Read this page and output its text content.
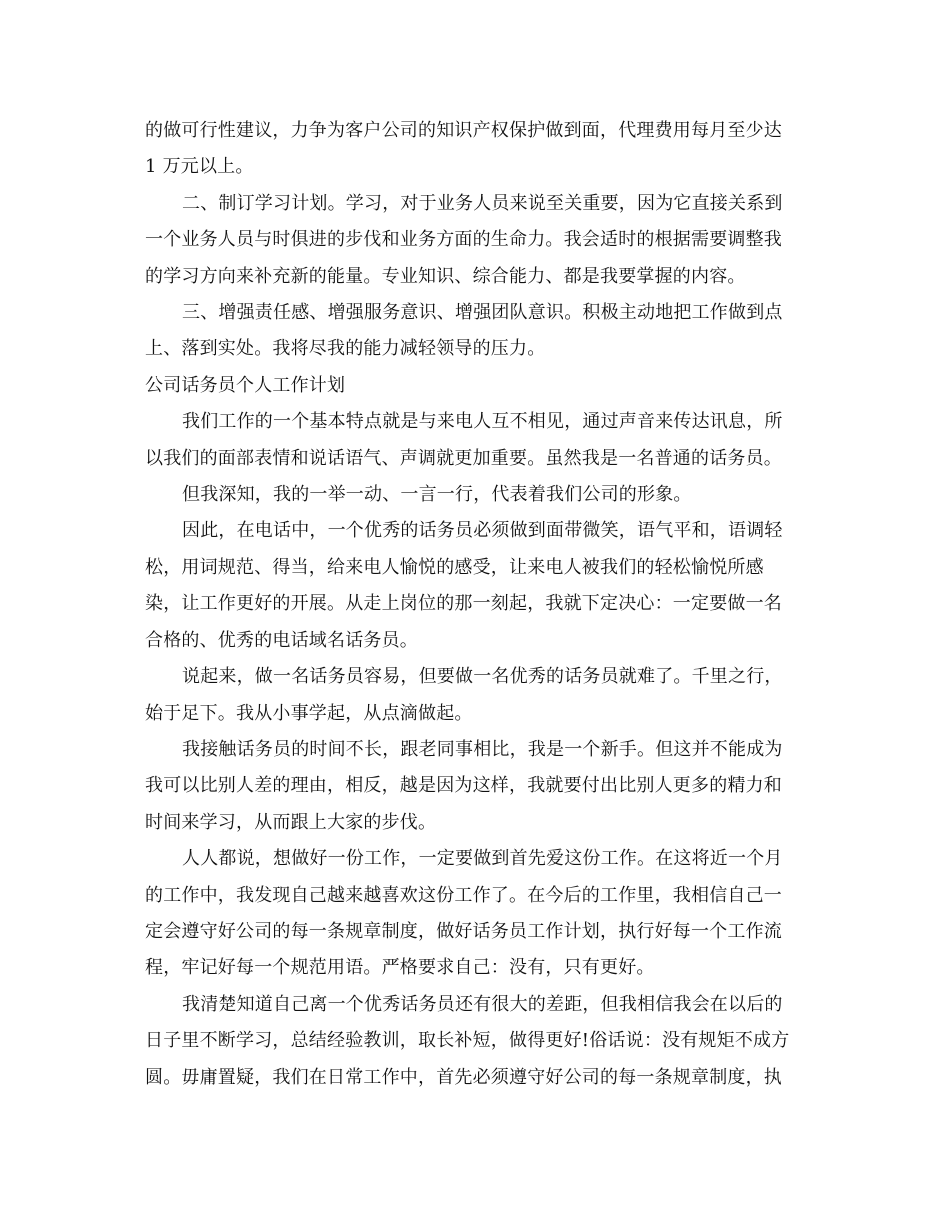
的做可行性建议，力争为客户公司的知识产权保护做到面，代理费用每月至少达
1 万元以上。

二、制订学习计划。学习，对于业务人员来说至关重要，因为它直接关系到
一个业务人员与时俱进的步伐和业务方面的生命力。我会适时的根据需要调整我
的学习方向来补充新的能量。专业知识、综合能力、都是我要掌握的内容。

三、增强责任感、增强服务意识、增强团队意识。积极主动地把工作做到点
上、落到实处。我将尽我的能力减轻领导的压力。

公司话务员个人工作计划

我们工作的一个基本特点就是与来电人互不相见，通过声音来传达讯息，所
以我们的面部表情和说话语气、声调就更加重要。虽然我是一名普通的话务员。

但我深知，我的一举一动、一言一行，代表着我们公司的形象。

因此，在电话中，一个优秀的话务员必须做到面带微笑，语气平和，语调轻
松，用词规范、得当，给来电人愉悦的感受，让来电人被我们的轻松愉悦所感
染，让工作更好的开展。从走上岗位的那一刻起，我就下定决心：一定要做一名
合格的、优秀的电话域名话务员。

说起来，做一名话务员容易，但要做一名优秀的话务员就难了。千里之行，
始于足下。我从小事学起，从点滴做起。

我接触话务员的时间不长，跟老同事相比，我是一个新手。但这并不能成为
我可以比别人差的理由，相反，越是因为这样，我就要付出比别人更多的精力和
时间来学习，从而跟上大家的步伐。

人人都说，想做好一份工作，一定要做到首先爱这份工作。在这将近一个月
的工作中，我发现自己越来越喜欢这份工作了。在今后的工作里，我相信自己一
定会遵守好公司的每一条规章制度，做好话务员工作计划，执行好每一个工作流
程，牢记好每一个规范用语。严格要求自己：没有，只有更好。

我清楚知道自己离一个优秀话务员还有很大的差距，但我相信我会在以后的
日子里不断学习，总结经验教训，取长补短，做得更好!俗话说：没有规矩不成方
圆。毋庸置疑，我们在日常工作中，首先必须遵守好公司的每一条规章制度，执
